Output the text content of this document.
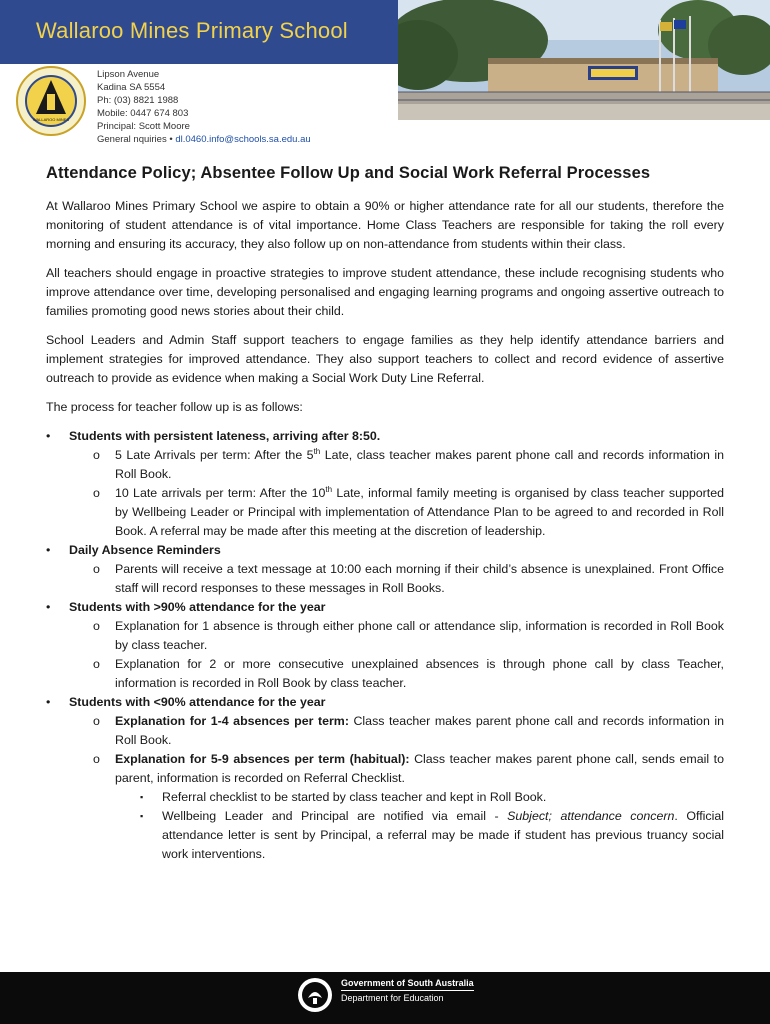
Wallaroo Mines Primary School
WALLAROO MINES
Lipson Avenue
Kadina SA 5554
Ph: (03) 8821 1988
Mobile: 0447 674 803
Principal: Scott Moore
General nquiries • dl.0460.info@schools.sa.edu.au
Attendance Policy; Absentee Follow Up and Social Work Referral Processes

At Wallaroo Mines Primary School we aspire to obtain a 90% or higher attendance rate for all our students, therefore the monitoring of student attendance is of vital importance. Home Class Teachers are responsible for taking the roll every morning and ensuring its accuracy, they also follow up on non-attendance from students within their class.

All teachers should engage in proactive strategies to improve student attendance, these include recognising students who improve attendance over time, developing personalised and engaging learning programs and ongoing assertive outreach to families promoting good news stories about their child.

School Leaders and Admin Staff support teachers to engage families as they help identify attendance barriers and implement strategies for improved attendance. They also support teachers to collect and record evidence of assertive outreach to provide as evidence when making a Social Work Duty Line Referral.

The process for teacher follow up is as follows:

• Students with persistent lateness, arriving after 8:50.
o 5 Late Arrivals per term: After the 5th Late, class teacher makes parent phone call and records information in Roll Book.
o 10 Late arrivals per term: After the 10th Late, informal family meeting is organised by class teacher supported by Wellbeing Leader or Principal with implementation of Attendance Plan to be agreed to and recorded in Roll Book. A referral may be made after this meeting at the discretion of leadership.
• Daily Absence Reminders
o Parents will receive a text message at 10:00 each morning if their child’s absence is unexplained. Front Office staff will record responses to these messages in Roll Books.
• Students with >90% attendance for the year
o Explanation for 1 absence is through either phone call or attendance slip, information is recorded in Roll Book by class teacher.
o Explanation for 2 or more consecutive unexplained absences is through phone call by class Teacher, information is recorded in Roll Book by class teacher.
• Students with <90% attendance for the year
o Explanation for 1-4 absences per term: Class teacher makes parent phone call and records information in Roll Book.
o Explanation for 5-9 absences per term (habitual): Class teacher makes parent phone call, sends email to parent, information is recorded on Referral Checklist.
▪ Referral checklist to be started by class teacher and kept in Roll Book.
▪ Wellbeing Leader and Principal are notified via email - Subject; attendance concern. Official attendance letter is sent by Principal, a referral may be made if student has previous truancy social work interventions.
Government of South Australia
Department for Education
